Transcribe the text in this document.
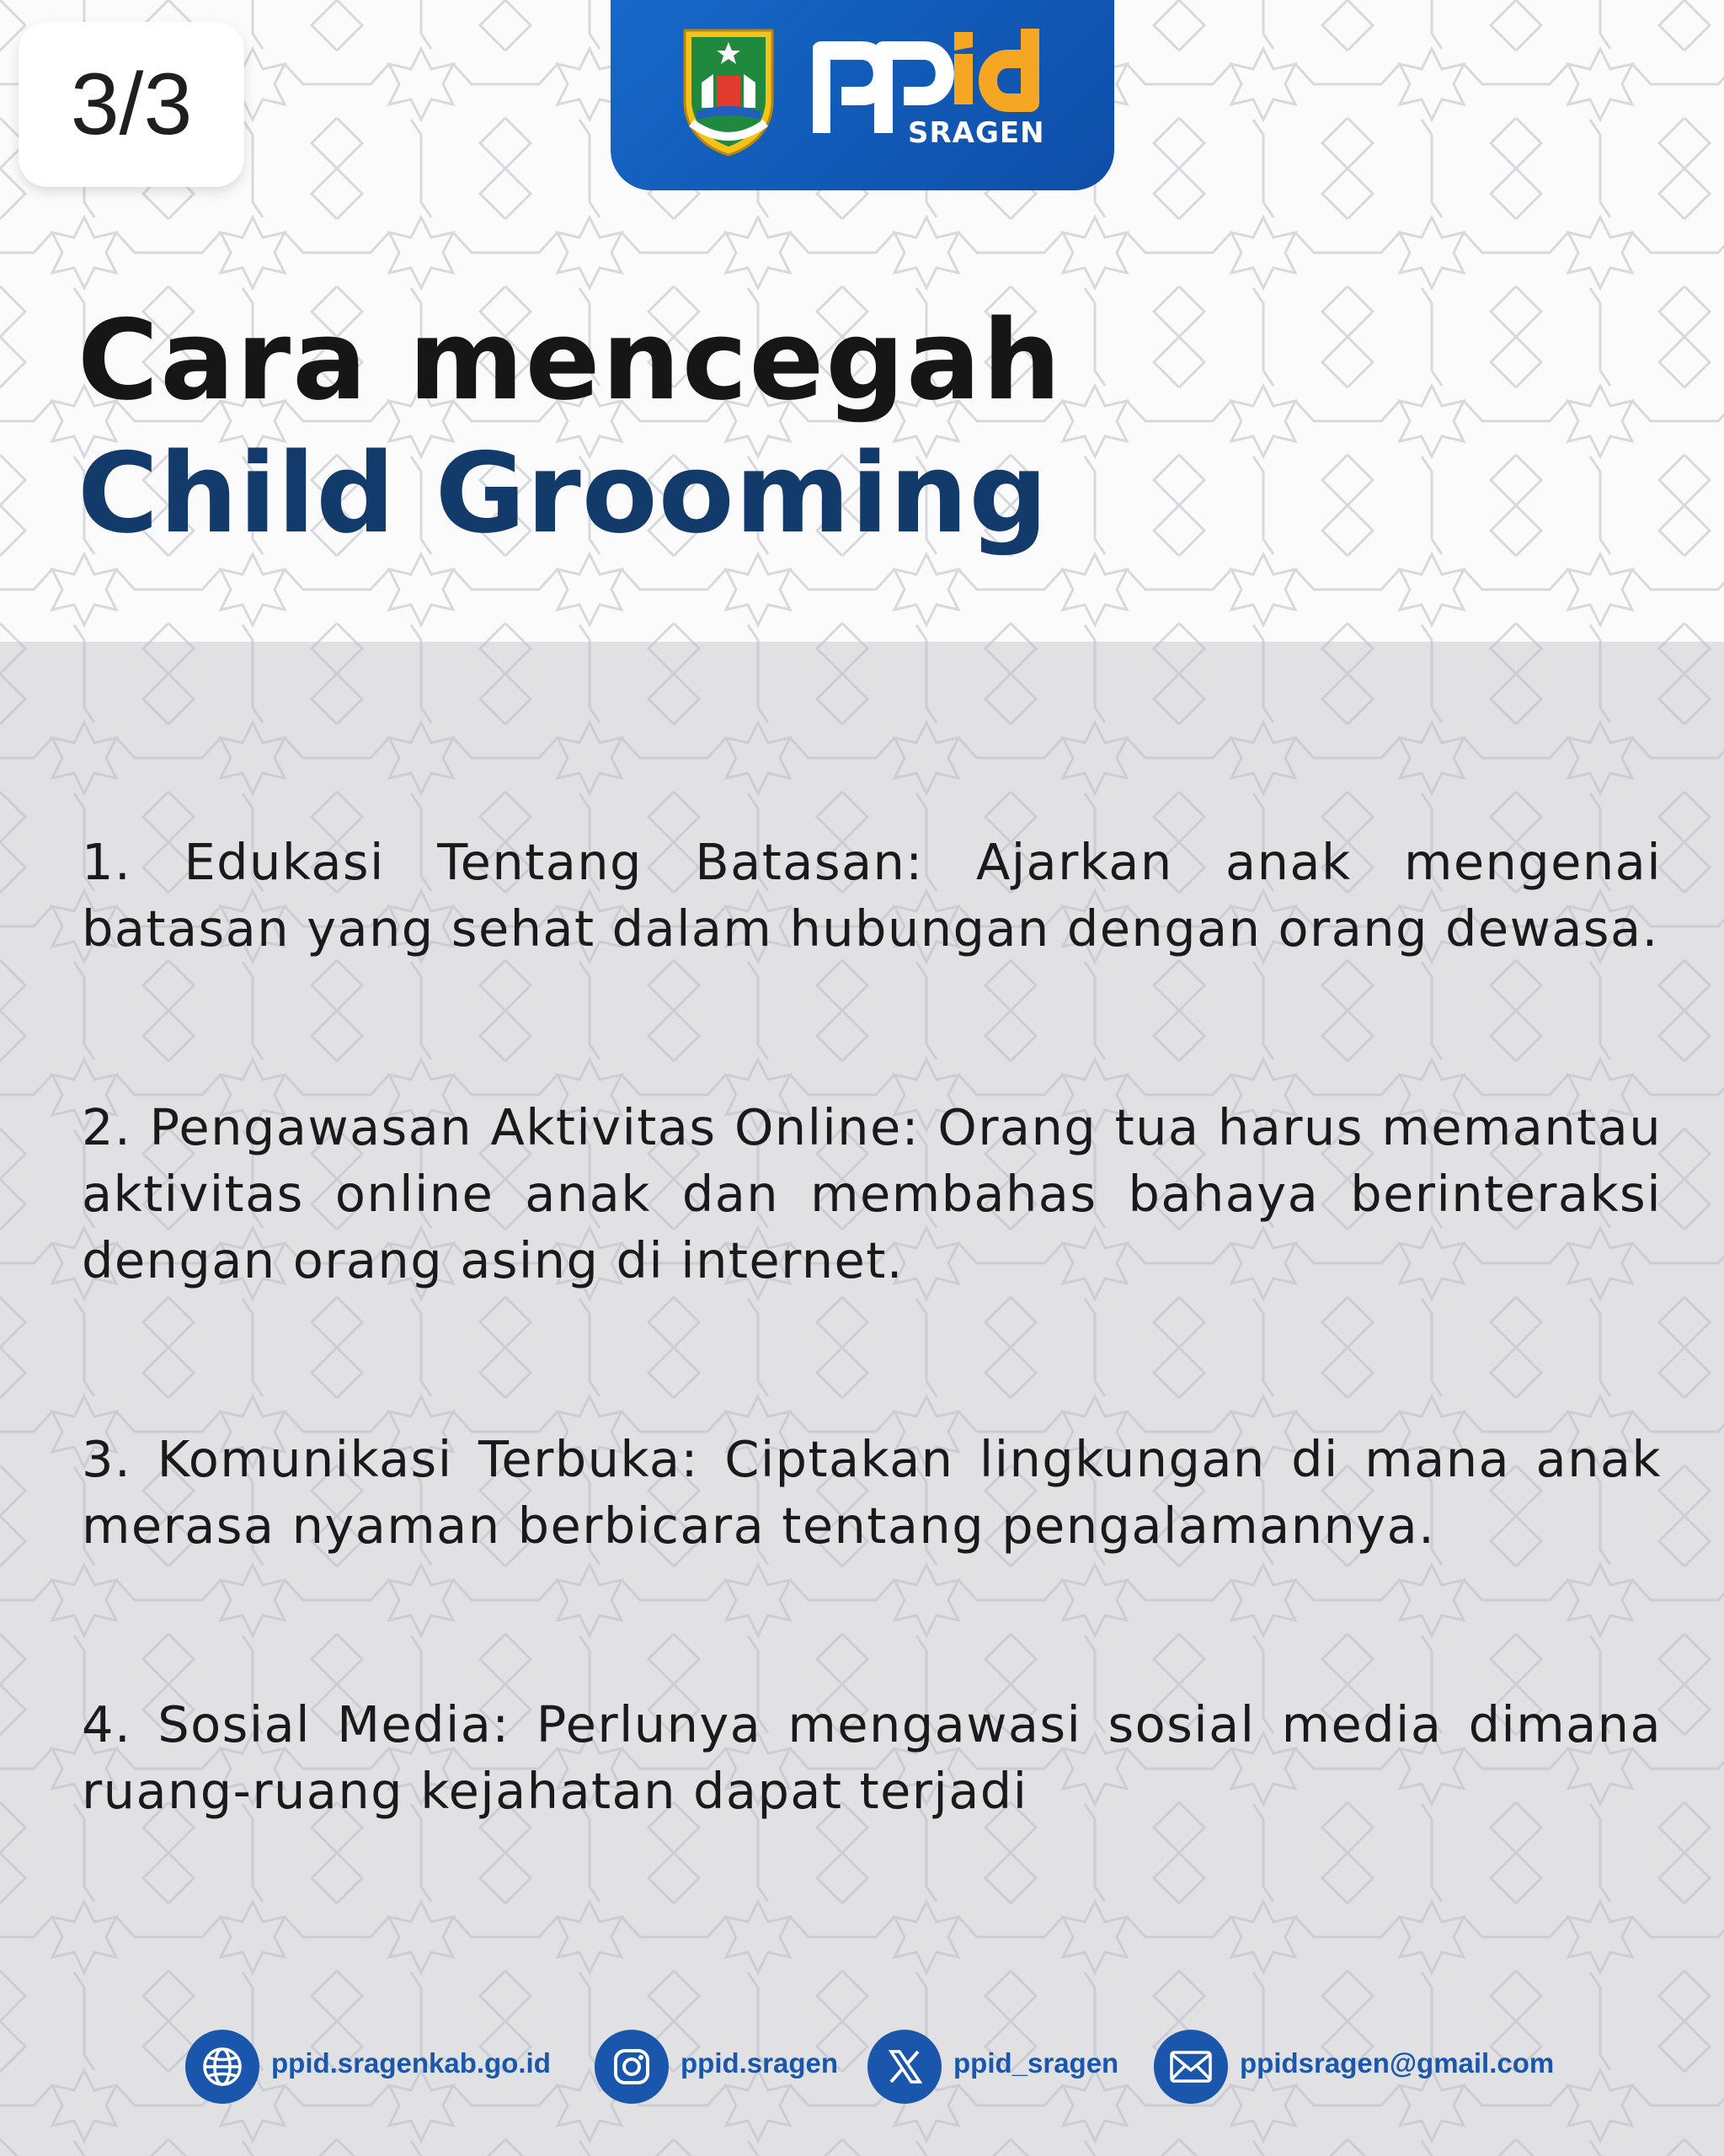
3/3	SRAGEN
Cara mencegah
Child Grooming

1. Edukasi Tentang Batasan: Ajarkan anak mengenai batasan yang sehat dalam hubungan dengan orang dewasa.

2. Pengawasan Aktivitas Online: Orang tua harus memantau aktivitas online anak dan membahas bahaya berinteraksi dengan orang asing di internet.

3. Komunikasi Terbuka: Ciptakan lingkungan di mana anak merasa nyaman berbicara tentang pengalamannya.

4. Sosial Media: Perlunya mengawasi sosial media dimana ruang-ruang kejahatan dapat terjadi

ppid.sragenkab.go.id	ppid.sragen	ppid_sragen	ppidsragen@gmail.com
